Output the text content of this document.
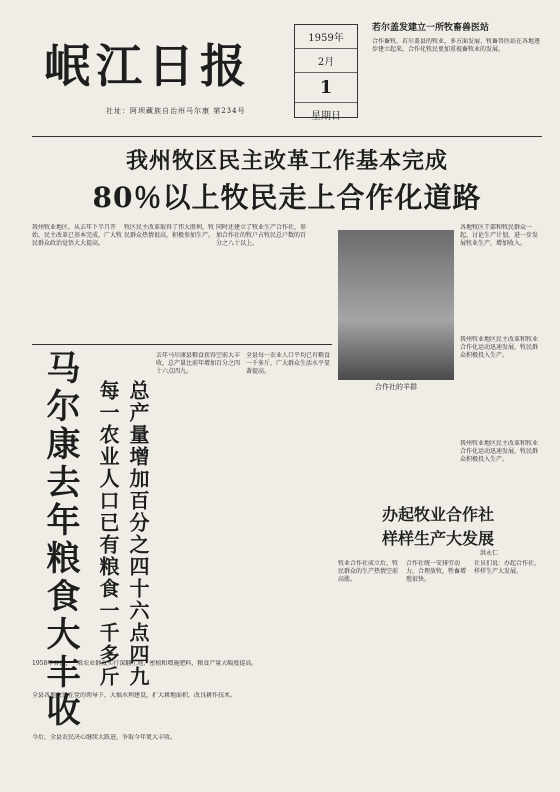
岷江日报
社址：阿坝藏族自治州马尔康 第234号
1959年
2月
1
星期日
若尔盖发建立一所牧畜兽医站
合作畜牧、若尔盖县的牧业，多方面发展、牧畜兽医站在各地逐步建立起来，合作化牧民更加重视畜牧业的发展。
我州牧区民主改革工作基本完成
80％以上牧民走上合作化道路
我州牧业地区，从去年下半月开始，民主改革已基本完成，广大牧民群众政治觉悟大大提高。
牧区民主改革取得了伟大胜利，牧民群众热情很高，积极参加生产。
同时还建立了牧业生产合作社，参加合作社的牧户占牧民总户数的百分之八十以上。
各地牧区干部和牧民群众一起，讨论生产计划，进一步发展牧业生产，增加收入。
我州牧业地区民主改革和牧业合作化运动迅速发展，牧民群众积极投入生产。
合作社的羊群
马尔康去年粮食大丰收 每一农业人口已有粮食一千多斤 总产量增加百分之四十六点四九
去年马尔康县粮食获得空前大丰收，总产量比前年增加百分之四十六点四九。
全县每一农业人口平均已有粮食一千多斤，广大群众生活水平显著提高。
1958年春播，一般农业群众实行深翻土地、密植和增施肥料，粮食产量大幅度提高。
全县各地农民在党的领导下，大搞水利建设，扩大耕地面积，改良耕作技术。
今后，全县农民决心继续大跃进，争取今年更大丰收。
我州牧业地区民主改革和牧业合作化运动迅速发展，牧民群众积极投入生产。
办起牧业合作社
样样生产大发展
洪永仁
牧业合作社成立后，牧民群众的生产热情空前高涨。
合作社统一安排劳动力，合理放牧，牲畜增殖很快。
社员们说：办起合作社，样样生产大发展。
